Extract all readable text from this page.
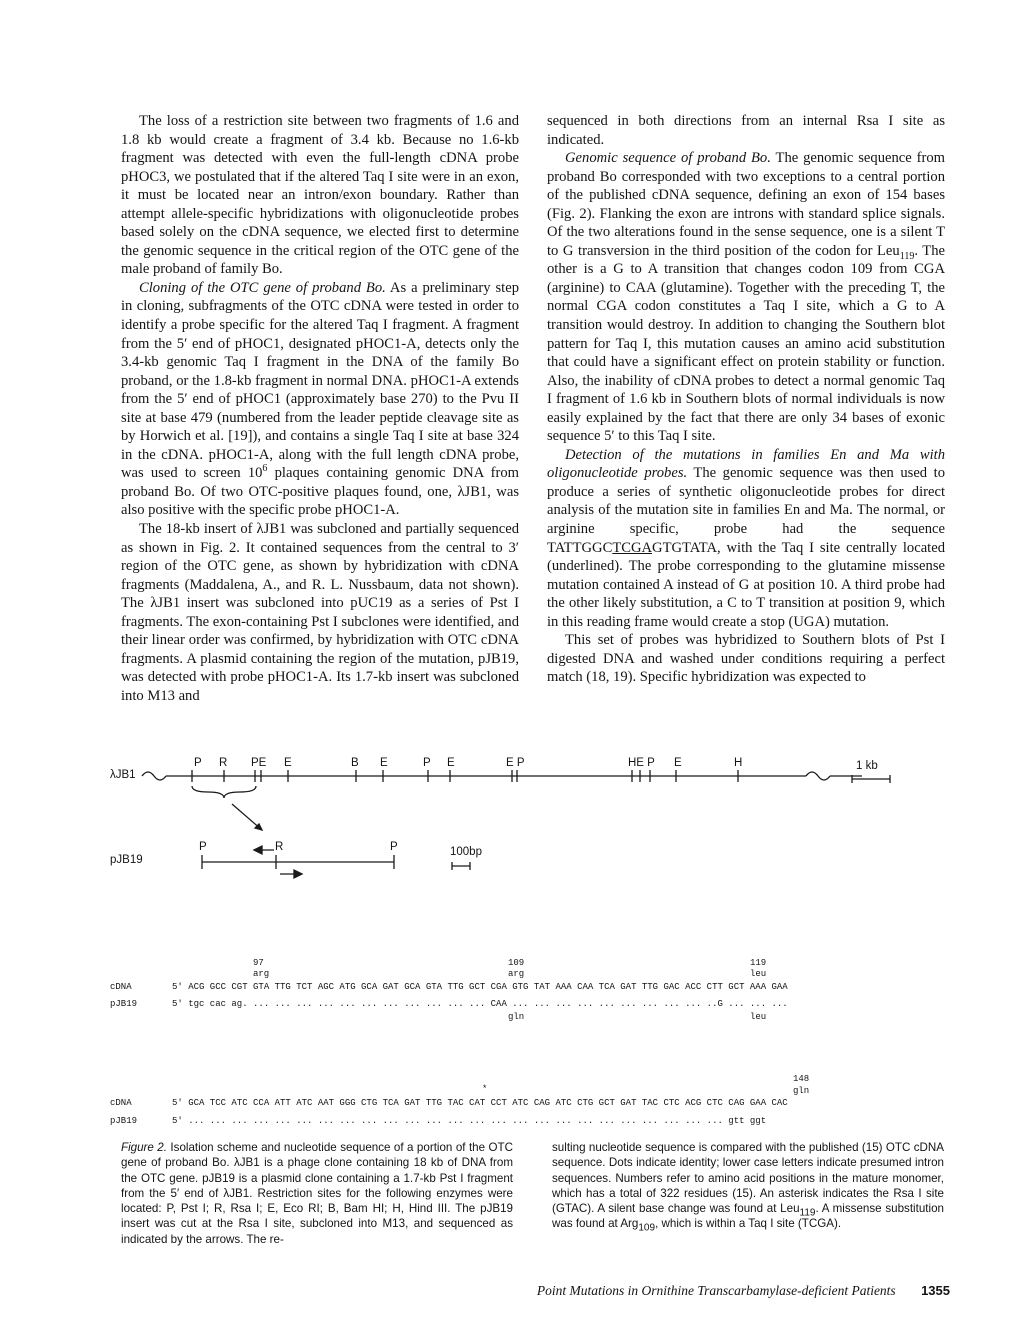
The loss of a restriction site between two fragments of 1.6 and 1.8 kb would create a fragment of 3.4 kb. Because no 1.6-kb fragment was detected with even the full-length cDNA probe pHOC3, we postulated that if the altered Taq I site were in an exon, it must be located near an intron/exon boundary. Rather than attempt allele-specific hybridizations with oligonucleotide probes based solely on the cDNA sequence, we elected first to determine the genomic sequence in the critical region of the OTC gene of the male proband of family Bo.

Cloning of the OTC gene of proband Bo. As a preliminary step in cloning, subfragments of the OTC cDNA were tested in order to identify a probe specific for the altered Taq I fragment. A fragment from the 5′ end of pHOC1, designated pHOC1-A, detects only the 3.4-kb genomic Taq I fragment in the DNA of the family Bo proband, or the 1.8-kb fragment in normal DNA. pHOC1-A extends from the 5′ end of pHOC1 (approximately base 270) to the Pvu II site at base 479 (numbered from the leader peptide cleavage site as by Horwich et al. [19]), and contains a single Taq I site at base 324 in the cDNA. pHOC1-A, along with the full length cDNA probe, was used to screen $10^6$ plaques containing genomic DNA from proband Bo. Of two OTC-positive plaques found, one, λJB1, was also positive with the specific probe pHOC1-A.

The 18-kb insert of λJB1 was subcloned and partially sequenced as shown in Fig. 2. It contained sequences from the central to 3′ region of the OTC gene, as shown by hybridization with cDNA fragments (Maddalena, A., and R. L. Nussbaum, data not shown). The λJB1 insert was subcloned into pUC19 as a series of Pst I fragments. The exon-containing Pst I subclones were identified, and their linear order was confirmed, by hybridization with OTC cDNA fragments. A plasmid containing the region of the mutation, pJB19, was detected with probe pHOC1-A. Its 1.7-kb insert was subcloned into M13 and

sequenced in both directions from an internal Rsa I site as indicated.

Genomic sequence of proband Bo. The genomic sequence from proband Bo corresponded with two exceptions to a central portion of the published cDNA sequence, defining an exon of 154 bases (Fig. 2). Flanking the exon are introns with standard splice signals. Of the two alterations found in the sense sequence, one is a silent T to G transversion in the third position of the codon for Leu$_{119}$. The other is a G to A transition that changes codon 109 from CGA (arginine) to CAA (glutamine). Together with the preceding T, the normal CGA codon constitutes a Taq I site, which a G to A transition would destroy. In addition to changing the Southern blot pattern for Taq I, this mutation causes an amino acid substitution that could have a significant effect on protein stability or function. Also, the inability of cDNA probes to detect a normal genomic Taq I fragment of 1.6 kb in Southern blots of normal individuals is now easily explained by the fact that there are only 34 bases of exonic sequence 5′ to this Taq I site.

Detection of the mutations in families En and Ma with oligonucleotide probes. The genomic sequence was then used to produce a series of synthetic oligonucleotide probes for direct analysis of the mutation site in families En and Ma. The normal, or arginine specific, probe had the sequence TATTGGCTCGAGTGTATA, with the Taq I site centrally located (underlined). The probe corresponding to the glutamine missense mutation contained A instead of G at position 10. A third probe had the other likely substitution, a C to T transition at position 9, which in this reading frame would create a stop (UGA) mutation.

This set of probes was hybridized to Southern blots of Pst I digested DNA and washed under conditions requiring a perfect match (18, 19). Specific hybridization was expected to

λJB1
P R PE E	B E	P E	E P	HE P E	H	1 kb
pJB19
P	R	P	100bp
97	109	119
arg	arg	leu
cDNA	5′ ACG GCC CGT GTA TTG TCT AGC ATG GCA GAT GCA GTA TTG GCT CGA GTG TAT AAA CAA TCA GAT TTG GAC ACC CTT GCT AAA GAA
pJB19	5′ tgc cac ag. ... ... ... ... ... ... ... ... ... ... ... CAA ... ... ... ... ... ... ... ... ... ..G ... ... ...
gln	leu
148
*	gln
cDNA	5′ GCA TCC ATC CCA ATT ATC AAT GGG CTG TCA GAT TTG TAC CAT CCT ATC CAG ATC CTG GCT GAT TAC CTC ACG CTC CAG GAA CAC
pJB19	5′ ... ... ... ... ... ... ... ... ... ... ... ... ... ... ... ... ... ... ... ... ... ... ... ... ... gtt ggt

Figure 2. Isolation scheme and nucleotide sequence of a portion of the OTC gene of proband Bo. λJB1 is a phage clone containing 18 kb of DNA from the OTC gene. pJB19 is a plasmid clone containing a 1.7-kb Pst I fragment from the 5′ end of λJB1. Restriction sites for the following enzymes were located: P, Pst I; R, Rsa I; E, Eco RI; B, Bam HI; H, Hind III. The pJB19 insert was cut at the Rsa I site, subcloned into M13, and sequenced as indicated by the arrows. The re-

sulting nucleotide sequence is compared with the published (15) OTC cDNA sequence. Dots indicate identity; lower case letters indicate presumed intron sequences. Numbers refer to amino acid positions in the mature monomer, which has a total of 322 residues (15). An asterisk indicates the Rsa I site (GTAC). A silent base change was found at Leu$_{119}$. A missense substitution was found at Arg$_{109}$, which is within a Taq I site (TCGA).

Point Mutations in Ornithine Transcarbamylase-deficient Patients 1355
